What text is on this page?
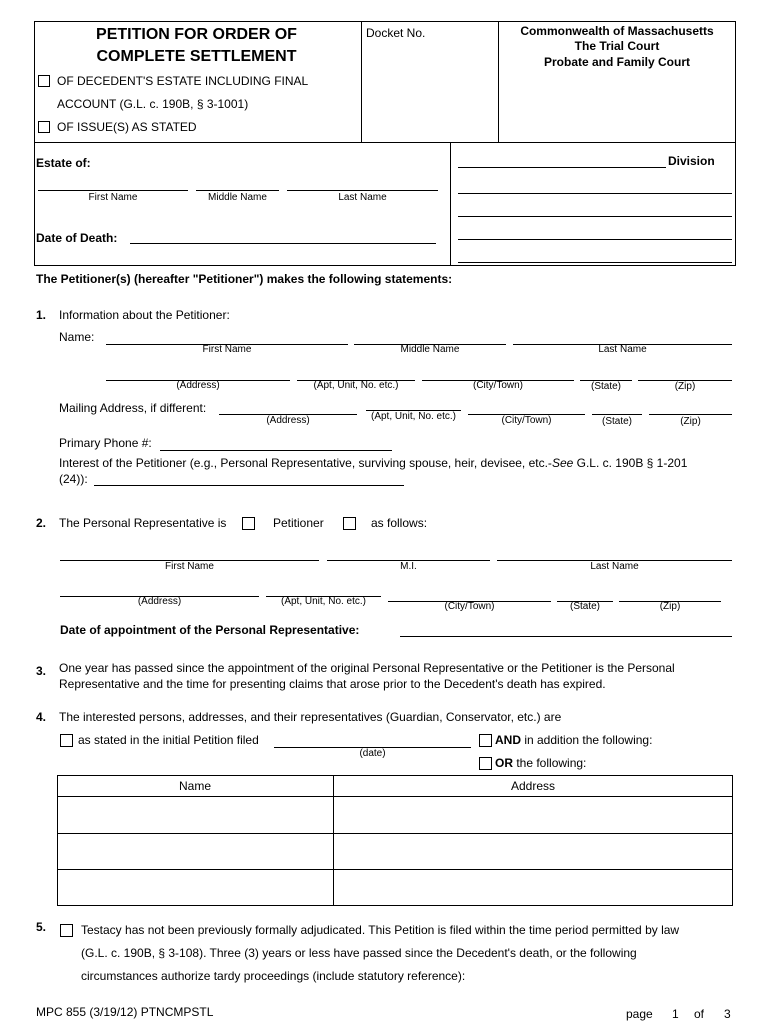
PETITION FOR ORDER OF
COMPLETE SETTLEMENT
OF DECEDENT'S ESTATE INCLUDING FINAL
ACCOUNT (G.L. c. 190B, § 3-1001)
OF ISSUE(S) AS STATED
Docket No.	Commonwealth of Massachusetts
The Trial Court
Probate and Family Court
Estate of:
First Name	Middle Name	Last Name
Date of Death:
Division
The Petitioner(s) (hereafter "Petitioner") makes the following statements:
1. Information about the Petitioner:
Name:
First Name	Middle Name	Last Name
(Address)	(Apt, Unit, No. etc.)	(City/Town)	(State)	(Zip)
Mailing Address, if different:
(Address)	(Apt, Unit, No. etc.)	(City/Town)	(State)	(Zip)
Primary Phone #:
Interest of the Petitioner (e.g., Personal Representative, surviving spouse, heir, devisee, etc.-See G.L. c. 190B § 1-201
(24)):
2. The Personal Representative is	Petitioner	as follows:
First Name	M.I.	Last Name
(Address)	(Apt, Unit, No. etc.)	(City/Town)	(State)	(Zip)
Date of appointment of the Personal Representative:
3. One year has passed since the appointment of the original Personal Representative or the Petitioner is the Personal
Representative and the time for presenting claims that arose prior to the Decedent's death has expired.
4. The interested persons, addresses, and their representatives (Guardian, Conservator, etc.) are
as stated in the initial Petition filed
(date)
AND in addition the following:
OR the following:
Name	Address
5.	Testacy has not been previously formally adjudicated. This Petition is filed within the time period permitted by law
(G.L. c. 190B, § 3-108). Three (3) years or less have passed since the Decedent's death, or the following
circumstances authorize tardy proceedings (include statutory reference):
MPC 855 (3/19/12) PTNCMPSTL	page 1 of 3
